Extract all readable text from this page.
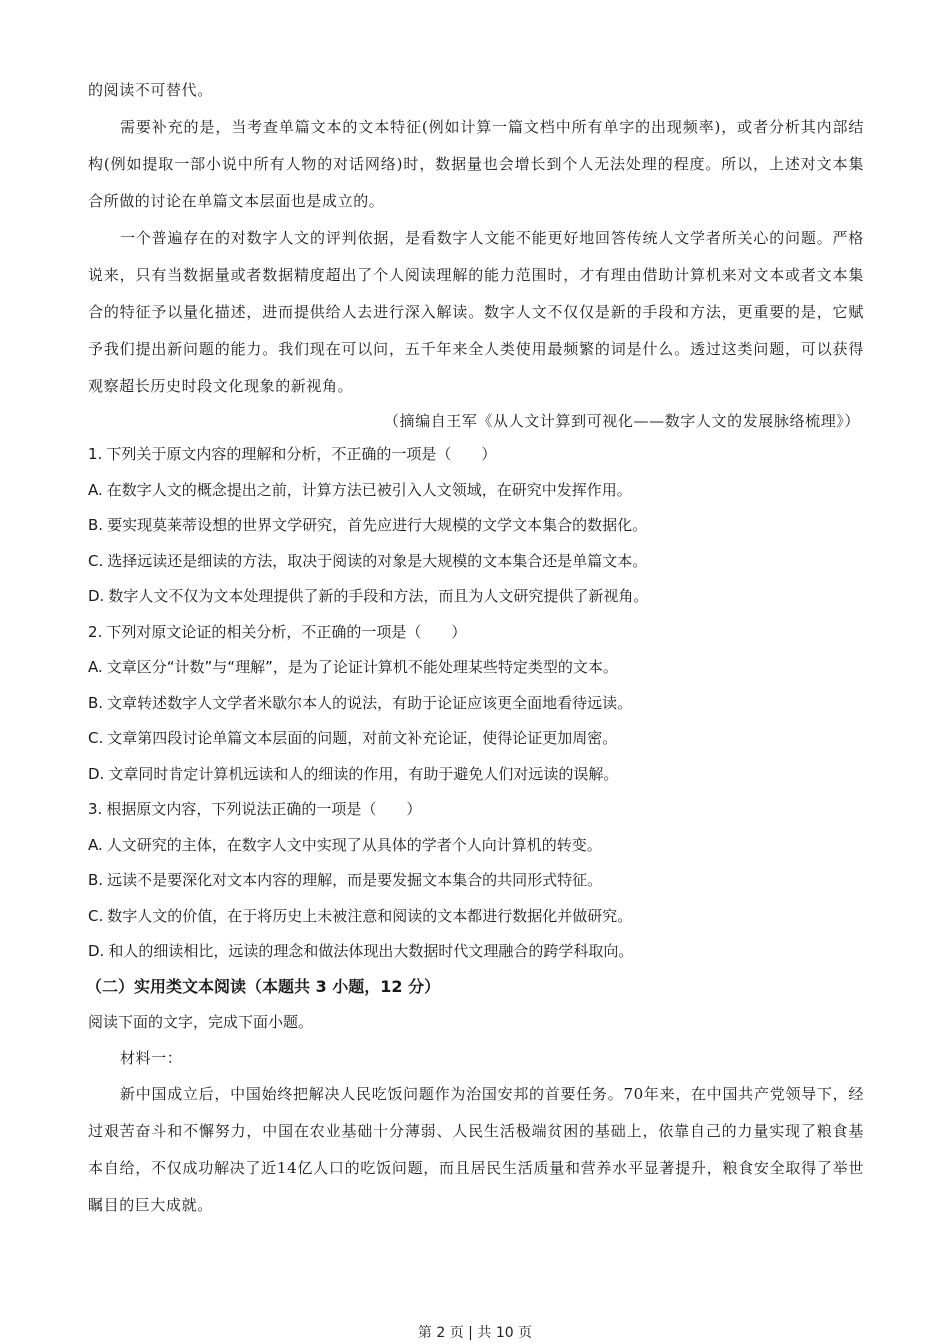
的阅读不可替代。

需要补充的是，当考查单篇文本的文本特征(例如计算一篇文档中所有单字的出现频率)，或者分析其内部结构(例如提取一部小说中所有人物的对话网络)时，数据量也会增长到个人无法处理的程度。所以，上述对文本集合所做的讨论在单篇文本层面也是成立的。

一个普遍存在的对数字人文的评判依据，是看数字人文能不能更好地回答传统人文学者所关心的问题。严格说来，只有当数据量或者数据精度超出了个人阅读理解的能力范围时，才有理由借助计算机来对文本或者文本集合的特征予以量化描述，进而提供给人去进行深入解读。数字人文不仅仅是新的手段和方法，更重要的是，它赋予我们提出新问题的能力。我们现在可以问，五千年来全人类使用最频繁的词是什么。透过这类问题，可以获得观察超长历史时段文化现象的新视角。

（摘编自王军《从人文计算到可视化——数字人文的发展脉络梳理》）

1. 下列关于原文内容的理解和分析，不正确的一项是（　　）

A. 在数字人文的概念提出之前，计算方法已被引入人文领域，在研究中发挥作用。

B. 要实现莫莱蒂设想的世界文学研究，首先应进行大规模的文学文本集合的数据化。

C. 选择远读还是细读的方法，取决于阅读的对象是大规模的文本集合还是单篇文本。

D. 数字人文不仅为文本处理提供了新的手段和方法，而且为人文研究提供了新视角。

2. 下列对原文论证的相关分析，不正确的一项是（　　）

A. 文章区分“计数”与“理解”，是为了论证计算机不能处理某些特定类型的文本。

B. 文章转述数字人文学者米歇尔本人的说法，有助于论证应该更全面地看待远读。

C. 文章第四段讨论单篇文本层面的问题，对前文补充论证，使得论证更加周密。

D. 文章同时肯定计算机远读和人的细读的作用，有助于避免人们对远读的误解。

3. 根据原文内容，下列说法正确的一项是（　　）

A. 人文研究的主体，在数字人文中实现了从具体的学者个人向计算机的转变。

B. 远读不是要深化对文本内容的理解，而是要发掘文本集合的共同形式特征。

C. 数字人文的价值，在于将历史上未被注意和阅读的文本都进行数据化并做研究。

D. 和人的细读相比，远读的理念和做法体现出大数据时代文理融合的跨学科取向。

（二）实用类文本阅读（本题共 3 小题，12 分）

阅读下面的文字，完成下面小题。

材料一：

新中国成立后，中国始终把解决人民吃饭问题作为治国安邦的首要任务。70年来，在中国共产党领导下，经过艰苦奋斗和不懈努力，中国在农业基础十分薄弱、人民生活极端贫困的基础上，依靠自己的力量实现了粮食基本自给，不仅成功解决了近14亿人口的吃饭问题，而且居民生活质量和营养水平显著提升，粮食安全取得了举世瞩目的巨大成就。

第 2 页 | 共 10 页
